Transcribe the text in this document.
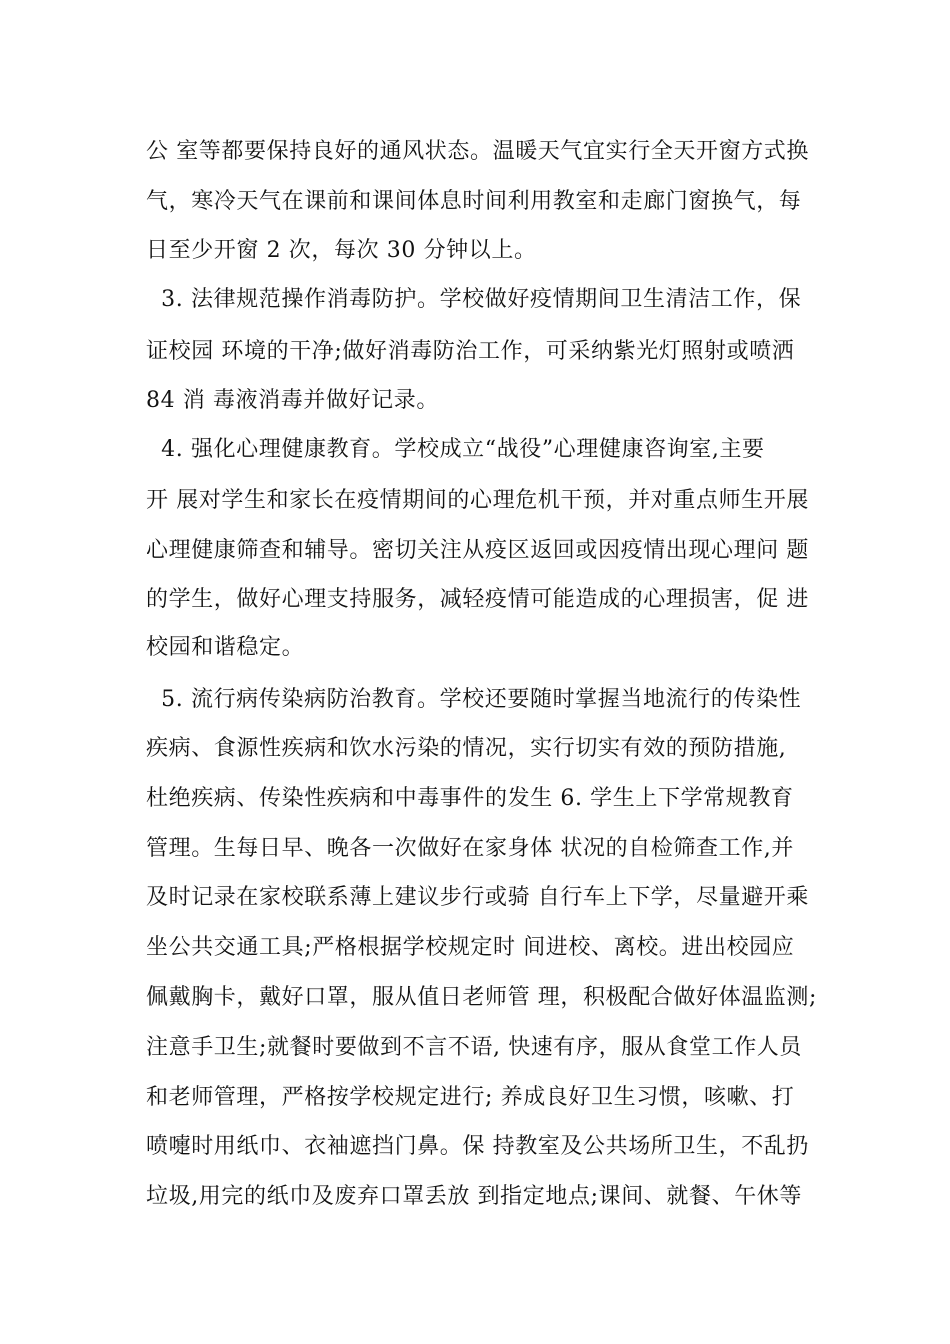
公 室等都要保持良好的通风状态。温暖天气宜实行全天开窗方式换

气，寒冷天气在课前和课间体息时间利用教室和走廊门窗换气，每

日至少开窗 2 次，每次 30 分钟以上。

3. 法律规范操作消毒防护。学校做好疫情期间卫生清洁工作，保

证校园 环境的干净;做好消毒防治工作，可采纳紫光灯照射或喷洒

84 消 毒液消毒并做好记录。

4. 强化心理健康教育。学校成立“战役”心理健康咨询室,主要

开 展对学生和家长在疫情期间的心理危机干预，并对重点师生开展

心理健康筛查和辅导。密切关注从疫区返回或因疫情出现心理问 题

的学生，做好心理支持服务，减轻疫情可能造成的心理损害，促 进

校园和谐稳定。

5. 流行病传染病防治教育。学校还要随时掌握当地流行的传染性

疾病、食源性疾病和饮水污染的情况，实行切实有效的预防措施,

杜绝疾病、传染性疾病和中毒事件的发生 6. 学生上下学常规教育

管理。生每日早、晚各一次做好在家身体 状况的自检筛查工作,并

及时记录在家校联系薄上建议步行或骑 自行车上下学，尽量避开乘

坐公共交通工具;严格根据学校规定时 间进校、离校。进出校园应

佩戴胸卡，戴好口罩，服从值日老师管 理，积极配合做好体温监测;

注意手卫生;就餐时要做到不言不语, 快速有序，服从食堂工作人员

和老师管理，严格按学校规定进行; 养成良好卫生习惯，咳嗽、打

喷嚏时用纸巾、衣袖遮挡门鼻。保 持教室及公共场所卫生，不乱扔

垃圾,用完的纸巾及废弃口罩丢放 到指定地点;课间、就餐、午休等
